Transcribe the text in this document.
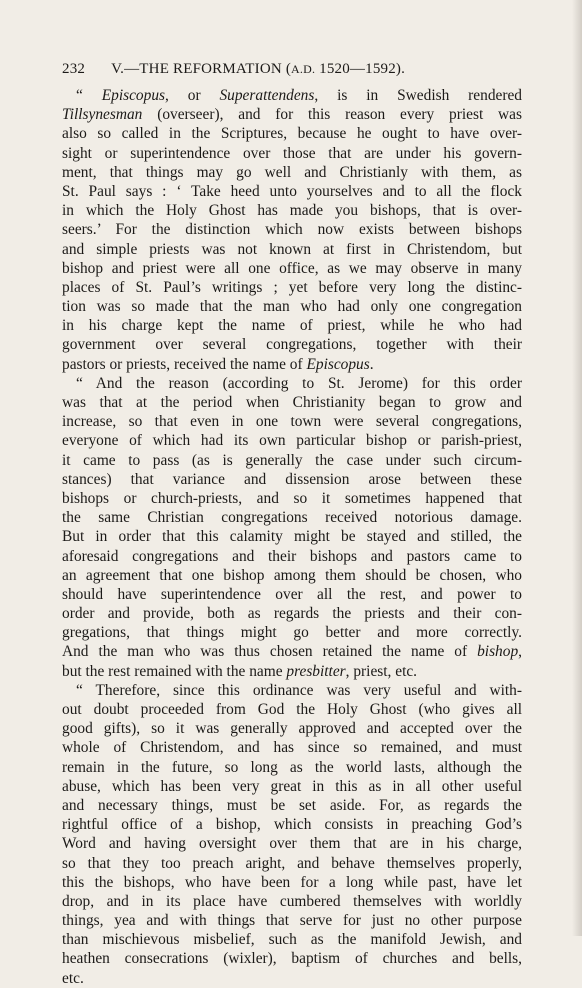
232 V.—THE REFORMATION (A.D. 1520—1592).
“ Episcopus, or Superattendens, is in Swedish rendered
Tillsynesman (overseer), and for this reason every priest was
also so called in the Scriptures, because he ought to have over-
sight or superintendence over those that are under his govern-
ment, that things may go well and Christianly with them, as
St. Paul says : ‘ Take heed unto yourselves and to all the flock
in which the Holy Ghost has made you bishops, that is over-
seers.’ For the distinction which now exists between bishops
and simple priests was not known at first in Christendom, but
bishop and priest were all one office, as we may observe in many
places of St. Paul’s writings ; yet before very long the distinc-
tion was so made that the man who had only one congregation
in his charge kept the name of priest, while he who had
government over several congregations, together with their
pastors or priests, received the name of Episcopus.
“ And the reason (according to St. Jerome) for this order
was that at the period when Christianity began to grow and
increase, so that even in one town were several congregations,
everyone of which had its own particular bishop or parish-priest,
it came to pass (as is generally the case under such circum-
stances) that variance and dissension arose between these
bishops or church-priests, and so it sometimes happened that
the same Christian congregations received notorious damage.
But in order that this calamity might be stayed and stilled, the
aforesaid congregations and their bishops and pastors came to
an agreement that one bishop among them should be chosen, who
should have superintendence over all the rest, and power to
order and provide, both as regards the priests and their con-
gregations, that things might go better and more correctly.
And the man who was thus chosen retained the name of bishop,
but the rest remained with the name presbitter, priest, etc.
“ Therefore, since this ordinance was very useful and with-
out doubt proceeded from God the Holy Ghost (who gives all
good gifts), so it was generally approved and accepted over the
whole of Christendom, and has since so remained, and must
remain in the future, so long as the world lasts, although the
abuse, which has been very great in this as in all other useful
and necessary things, must be set aside. For, as regards the
rightful office of a bishop, which consists in preaching God’s
Word and having oversight over them that are in his charge,
so that they too preach aright, and behave themselves properly,
this the bishops, who have been for a long while past, have let
drop, and in its place have cumbered themselves with worldly
things, yea and with things that serve for just no other purpose
than mischievous misbelief, such as the manifold Jewish, and
heathen consecrations (wixler), baptism of churches and bells,
etc.
